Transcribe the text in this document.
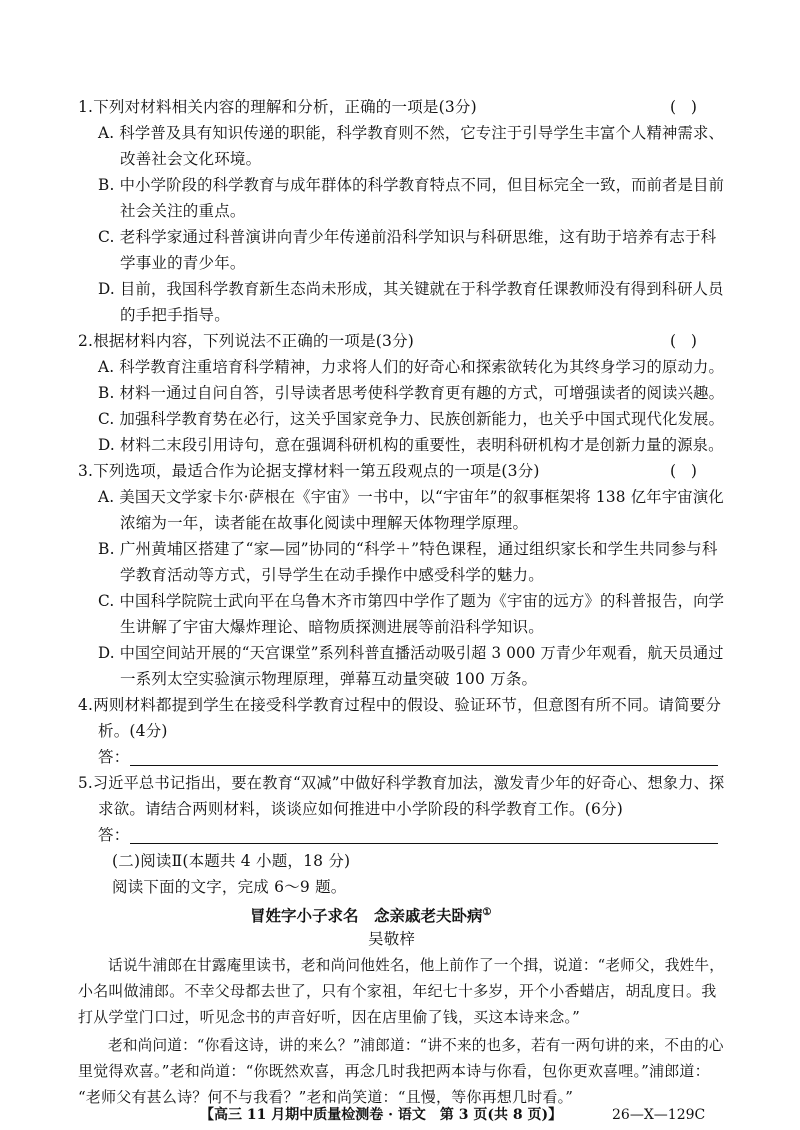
1.下列对材料相关内容的理解和分析，正确的一项是(3分)	(   )
A. 科学普及具有知识传递的职能，科学教育则不然，它专注于引导学生丰富个人精神需求、
改善社会文化环境。
B. 中小学阶段的科学教育与成年群体的科学教育特点不同，但目标完全一致，而前者是目前
社会关注的重点。
C. 老科学家通过科普演讲向青少年传递前沿科学知识与科研思维，这有助于培养有志于科
学事业的青少年。
D. 目前，我国科学教育新生态尚未形成，其关键就在于科学教育任课教师没有得到科研人员
的手把手指导。
2.根据材料内容，下列说法不正确的一项是(3分)	(   )
A. 科学教育注重培育科学精神，力求将人们的好奇心和探索欲转化为其终身学习的原动力。
B. 材料一通过自问自答，引导读者思考使科学教育更有趣的方式，可增强读者的阅读兴趣。
C. 加强科学教育势在必行，这关乎国家竞争力、民族创新能力，也关乎中国式现代化发展。
D. 材料二末段引用诗句，意在强调科研机构的重要性，表明科研机构才是创新力量的源泉。
3.下列选项，最适合作为论据支撑材料一第五段观点的一项是(3分)	(   )
A. 美国天文学家卡尔·萨根在《宇宙》一书中，以“宇宙年”的叙事框架将 138 亿年宇宙演化
浓缩为一年，读者能在故事化阅读中理解天体物理学原理。
B. 广州黄埔区搭建了“家—园”协同的“科学＋”特色课程，通过组织家长和学生共同参与科
学教育活动等方式，引导学生在动手操作中感受科学的魅力。
C. 中国科学院院士武向平在乌鲁木齐市第四中学作了题为《宇宙的远方》的科普报告，向学
生讲解了宇宙大爆炸理论、暗物质探测进展等前沿科学知识。
D. 中国空间站开展的“天宫课堂”系列科普直播活动吸引超 3 000 万青少年观看，航天员通过
一系列太空实验演示物理原理，弹幕互动量突破 100 万条。
4.两则材料都提到学生在接受科学教育过程中的假设、验证环节，但意图有所不同。请简要分
析。(4分)
答：
5.习近平总书记指出，要在教育“双减”中做好科学教育加法，激发青少年的好奇心、想象力、探
求欲。请结合两则材料，谈谈应如何推进中小学阶段的科学教育工作。(6分)
答：
(二)阅读Ⅱ(本题共 4 小题，18 分)
阅读下面的文字，完成 6～9 题。
冒姓字小子求名　念亲戚老夫卧病①
吴敬梓
话说牛浦郎在甘露庵里读书，老和尚问他姓名，他上前作了一个揖，说道：“老师父，我姓牛，
小名叫做浦郎。不幸父母都去世了，只有个家祖，年纪七十多岁，开个小香蜡店，胡乱度日。我
打从学堂门口过，听见念书的声音好听，因在店里偷了钱，买这本诗来念。”
老和尚问道：“你看这诗，讲的来么？”浦郎道：“讲不来的也多，若有一两句讲的来，不由的心
里觉得欢喜。”老和尚道：“你既然欢喜，再念几时我把两本诗与你看，包你更欢喜哩。”浦郎道：
“老师父有甚么诗？何不与我看？”老和尚笑道：“且慢，等你再想几时看。”
【高三 11 月期中质量检测卷 · 语文　第 3 页(共 8 页)】	26—X—129C
